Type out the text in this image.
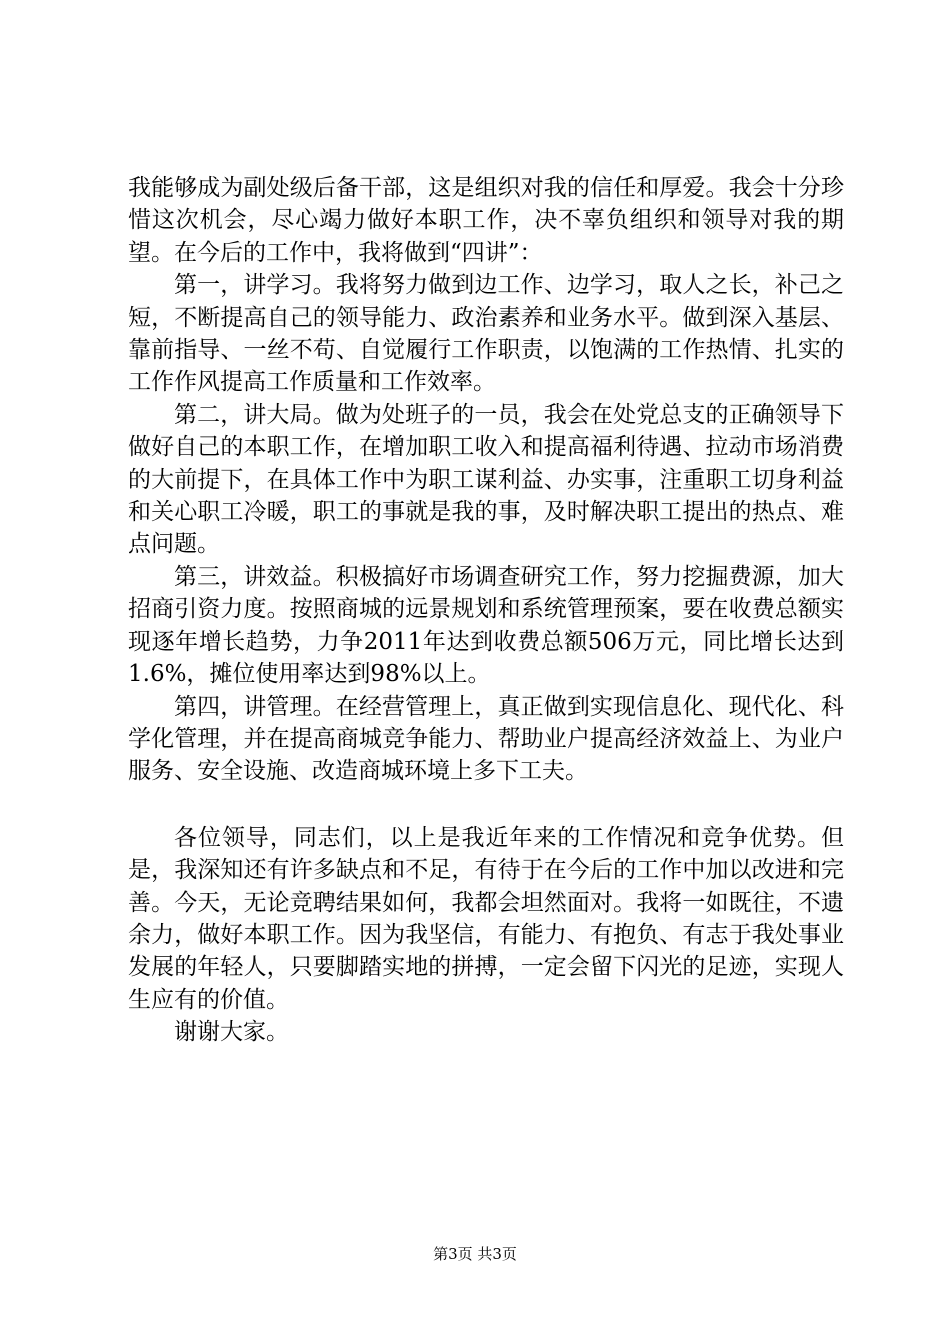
我能够成为副处级后备干部，这是组织对我的信任和厚爱。我会十分珍惜这次机会，尽心竭力做好本职工作，决不辜负组织和领导对我的期望。在今后的工作中，我将做到“四讲”：

第一，讲学习。我将努力做到边工作、边学习，取人之长，补己之短，不断提高自己的领导能力、政治素养和业务水平。做到深入基层、靠前指导、一丝不苟、自觉履行工作职责，以饱满的工作热情、扎实的工作作风提高工作质量和工作效率。

第二，讲大局。做为处班子的一员，我会在处党总支的正确领导下做好自己的本职工作，在增加职工收入和提高福利待遇、拉动市场消费的大前提下，在具体工作中为职工谋利益、办实事，注重职工切身利益和关心职工冷暖，职工的事就是我的事，及时解决职工提出的热点、难点问题。

第三，讲效益。积极搞好市场调查研究工作，努力挖掘费源，加大招商引资力度。按照商城的远景规划和系统管理预案，要在收费总额实现逐年增长趋势，力争2011年达到收费总额506万元，同比增长达到1.6%，摊位使用率达到98%以上。

第四，讲管理。在经营管理上，真正做到实现信息化、现代化、科学化管理，并在提高商城竞争能力、帮助业户提高经济效益上、为业户服务、安全设施、改造商城环境上多下工夫。

各位领导，同志们，以上是我近年来的工作情况和竞争优势。但是，我深知还有许多缺点和不足，有待于在今后的工作中加以改进和完善。今天，无论竞聘结果如何，我都会坦然面对。我将一如既往，不遗余力，做好本职工作。因为我坚信，有能力、有抱负、有志于我处事业发展的年轻人，只要脚踏实地的拼搏，一定会留下闪光的足迹，实现人生应有的价值。

谢谢大家。

第3页 共3页
